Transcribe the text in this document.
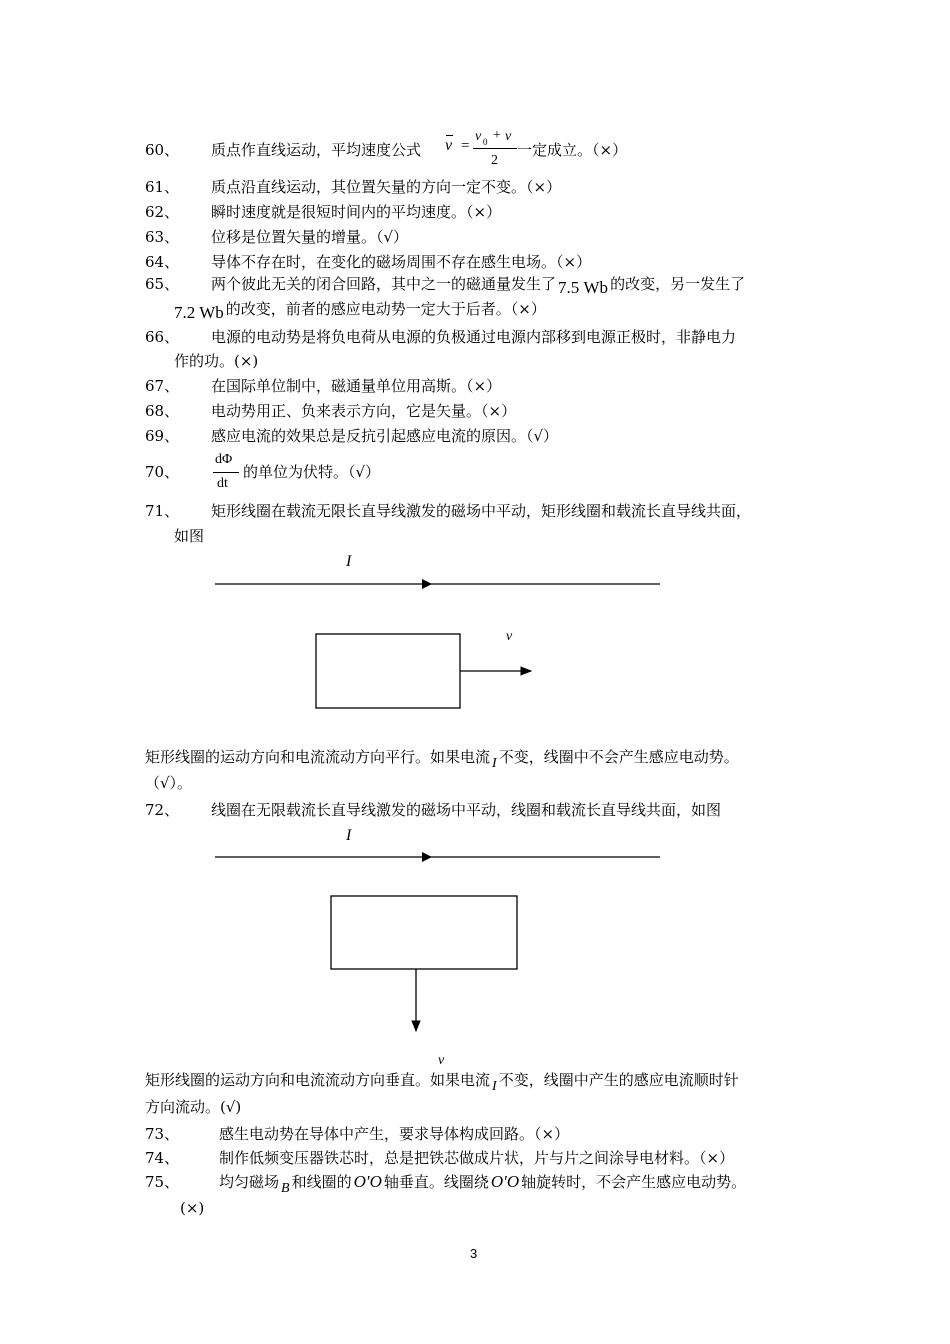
60、 质点作直线运动，平均速度公式 v =
v 0 + v
2
一定成立。（×）
61、 质点沿直线运动，其位置矢量的方向一定不变。（×）
62、 瞬时速度就是很短时间内的平均速度。（×）
63、 位移是位置矢量的增量。（√）
64、 导体不存在时，在变化的磁场周围不存在感生电场。（×）
65、 两个彼此无关的闭合回路，其中之一的磁通量发生了 7.5 Wb 的改变，另一发生了
7.2 Wb 的改变，前者的感应电动势一定大于后者。（×）
66、 电源的电动势是将负电荷从电源的负极通过电源内部移到电源正极时，非静电力
作的功。(×)
67、 在国际单位制中，磁通量单位用高斯。（×）
68、 电动势用正、负来表示方向，它是矢量。（×）
69、 感应电流的效果总是反抗引起感应电流的原因。（√）
70、
dΦ
dt
的单位为伏特。（√）
71、 矩形线圈在载流无限长直导线激发的磁场中平动，矩形线圈和载流长直导线共面，
如图
I
v
矩形线圈的运动方向和电流流动方向平行。如果电流 I 不变，线圈中不会产生感应电动势。
（√）。
72、 线圈在无限载流长直导线激发的磁场中平动，线圈和载流长直导线共面，如图
I
v
矩形线圈的运动方向和电流流动方向垂直。如果电流 I 不变，线圈中产生的感应电流顺时针
方向流动。(√)
73、	感生电动势在导体中产生，要求导体构成回路。（×）
74、	制作低频变压器铁芯时，总是把铁芯做成片状，片与片之间涂导电材料。（×）
75、	均匀磁场 B 和线圈的 O′O 轴垂直。线圈绕 O′O 轴旋转时，不会产生感应电动势。
(×)
3
